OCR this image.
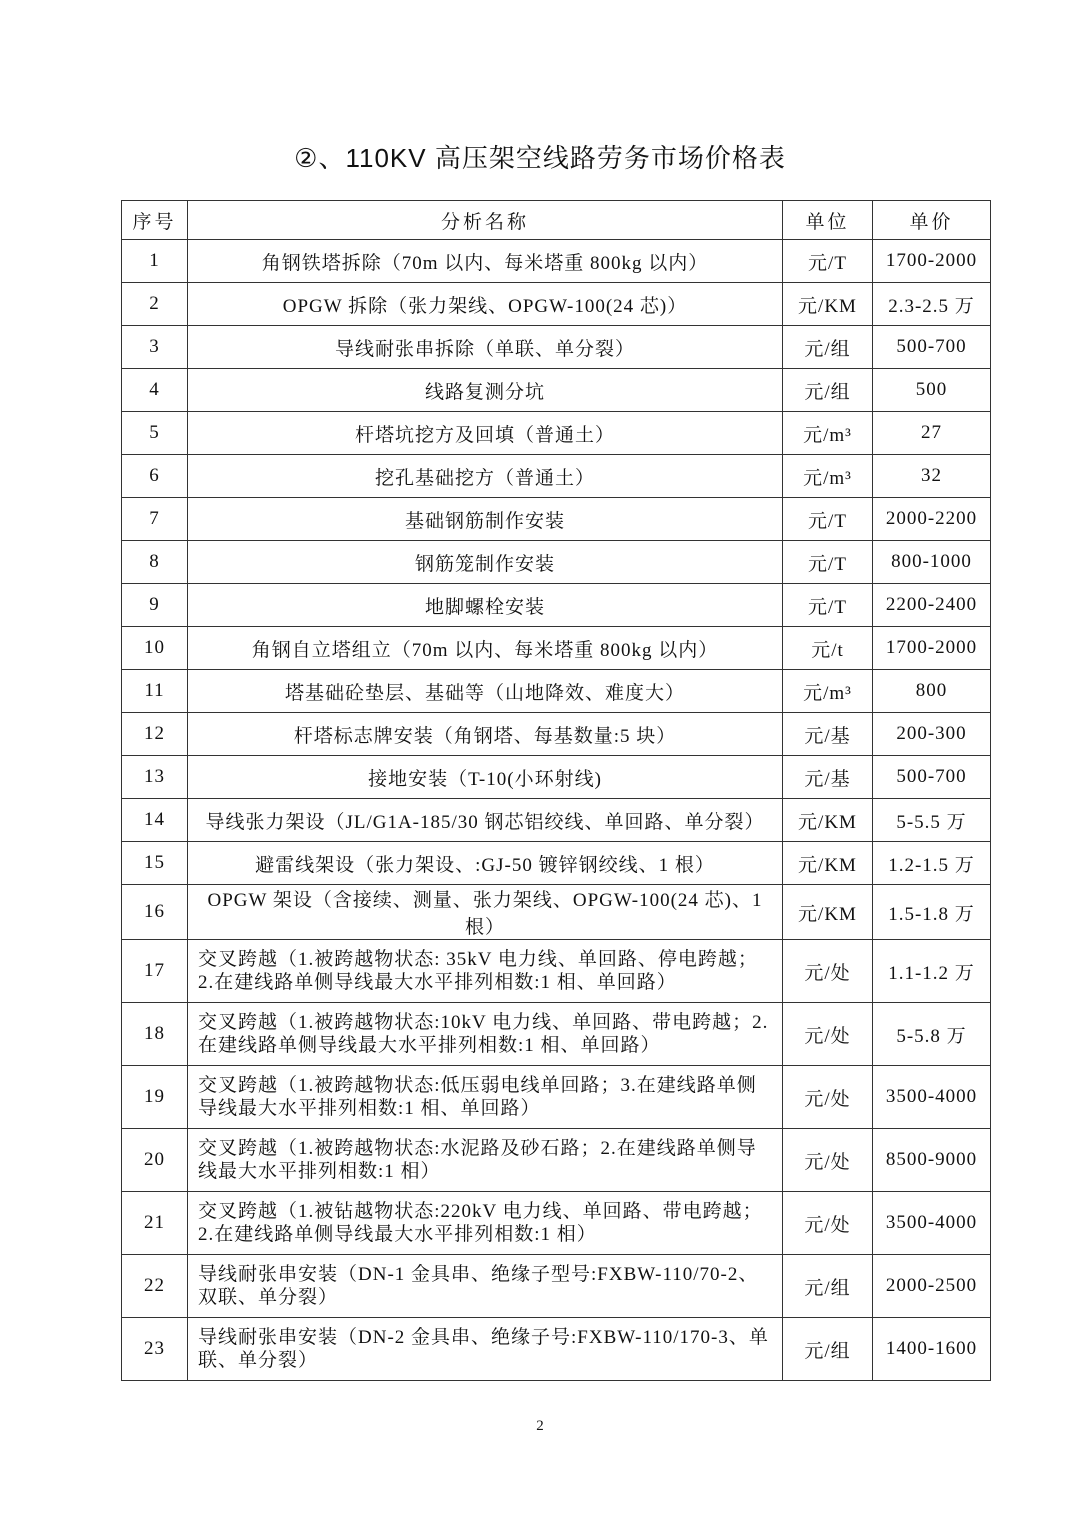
②、110KV 高压架空线路劳务市场价格表
序号	分析名称	单位	单价
1	角钢铁塔拆除（70m 以内、每米塔重 800kg 以内）	元/T	1700-2000
2	OPGW 拆除（张力架线、OPGW-100(24 芯)）	元/KM	2.3-2.5 万
3	导线耐张串拆除（单联、单分裂）	元/组	500-700
4	线路复测分坑	元/组	500
5	杆塔坑挖方及回填（普通土）	元/m³	27
6	挖孔基础挖方（普通土）	元/m³	32
7	基础钢筋制作安装	元/T	2000-2200
8	钢筋笼制作安装	元/T	800-1000
9	地脚螺栓安装	元/T	2200-2400
10	角钢自立塔组立（70m 以内、每米塔重 800kg 以内）	元/t	1700-2000
11	塔基础砼垫层、基础等（山地降效、难度大）	元/m³	800
12	杆塔标志牌安装（角钢塔、每基数量:5 块）	元/基	200-300
13	接地安装（T-10(小环射线)	元/基	500-700
14	导线张力架设（JL/G1A-185/30 钢芯铝绞线、单回路、单分裂）	元/KM	5-5.5 万
15	避雷线架设（张力架设、:GJ-50 镀锌钢绞线、1 根）	元/KM	1.2-1.5 万
16	OPGW 架设（含接续、测量、张力架线、OPGW-100(24 芯)、1 根）	元/KM	1.5-1.8 万
17	交叉跨越（1.被跨越物状态: 35kV 电力线、单回路、停电跨越；2.在建线路单侧导线最大水平排列相数:1 相、单回路）	元/处	1.1-1.2 万
18	交叉跨越（1.被跨越物状态:10kV 电力线、单回路、带电跨越；2.在建线路单侧导线最大水平排列相数:1 相、单回路）	元/处	5-5.8 万
19	交叉跨越（1.被跨越物状态:低压弱电线单回路；3.在建线路单侧导线最大水平排列相数:1 相、单回路）	元/处	3500-4000
20	交叉跨越（1.被跨越物状态:水泥路及砂石路；2.在建线路单侧导线最大水平排列相数:1 相）	元/处	8500-9000
21	交叉跨越（1.被钻越物状态:220kV 电力线、单回路、带电跨越；2.在建线路单侧导线最大水平排列相数:1 相）	元/处	3500-4000
22	导线耐张串安装（DN-1 金具串、绝缘子型号:FXBW-110/70-2、双联、单分裂）	元/组	2000-2500
23	导线耐张串安装（DN-2 金具串、绝缘子号:FXBW-110/170-3、单联、单分裂）	元/组	1400-1600
2
